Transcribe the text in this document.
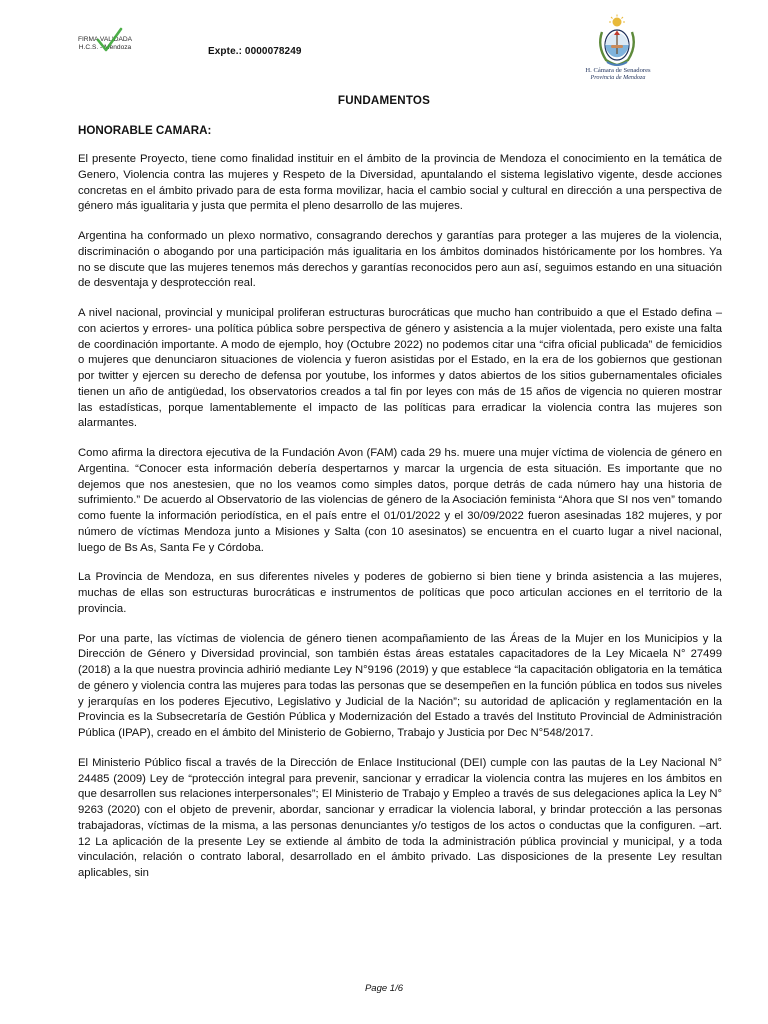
FIRMA VALIDADA
H.C.S. - Mendoza	Expte.: 0000078249
H. Cámara de Senadores
Provincia de Mendoza
FUNDAMENTOS
HONORABLE CAMARA:

El presente Proyecto, tiene como finalidad instituir en el ámbito de la provincia de Mendoza el conocimiento en la temática de Genero, Violencia contra las mujeres y Respeto de la Diversidad, apuntalando el sistema legislativo vigente, desde acciones concretas en el ámbito privado para de esta forma movilizar, hacia el cambio social y cultural en dirección a una perspectiva de género más igualitaria y justa que permita el pleno desarrollo de las mujeres.

Argentina ha conformado un plexo normativo, consagrando derechos y garantías para proteger a las mujeres de la violencia, discriminación o abogando por una participación más igualitaria en los ámbitos dominados históricamente por los hombres. Ya no se discute que las mujeres tenemos más derechos y garantías reconocidos pero aun así, seguimos estando en una situación de desventaja y desprotección real.

A nivel nacional, provincial y municipal proliferan estructuras burocráticas que mucho han contribuido a que el Estado defina –con aciertos y errores- una política pública sobre perspectiva de género y asistencia a la mujer violentada, pero existe una falta de coordinación importante. A modo de ejemplo, hoy (Octubre 2022) no podemos citar una “cifra oficial publicada” de femicidios o mujeres que denunciaron situaciones de violencia y fueron asistidas por el Estado, en la era de los gobiernos que gestionan por twitter y ejercen su derecho de defensa por youtube, los informes y datos abiertos de los sitios gubernamentales oficiales tienen un año de antigüedad, los observatorios creados a tal fin por leyes con más de 15 años de vigencia no quieren mostrar las estadísticas, porque lamentablemente el impacto de las políticas para erradicar la violencia contra las mujeres son alarmantes.

Como afirma la directora ejecutiva de la Fundación Avon (FAM) cada 29 hs. muere una mujer víctima de violencia de género en Argentina. “Conocer esta información debería despertarnos y marcar la urgencia de esta situación. Es importante que no dejemos que nos anestesien, que no los veamos como simples datos, porque detrás de cada número hay una historia de sufrimiento.” De acuerdo al Observatorio de las violencias de género de la Asociación feminista “Ahora que SI nos ven” tomando como fuente la información periodística, en el país entre el 01/01/2022 y el 30/09/2022 fueron asesinadas 182 mujeres, y por número de víctimas Mendoza junto a Misiones y Salta (con 10 asesinatos) se encuentra en el cuarto lugar a nivel nacional, luego de Bs As, Santa Fe y Córdoba.

La Provincia de Mendoza, en sus diferentes niveles y poderes de gobierno si bien tiene y brinda asistencia a las mujeres, muchas de ellas son estructuras burocráticas e instrumentos de políticas que poco articulan acciones en el territorio de la provincia.

Por una parte, las víctimas de violencia de género tienen acompañamiento de las Áreas de la Mujer en los Municipios y la Dirección de Género y Diversidad provincial, son también éstas áreas estatales capacitadores de la Ley Micaela N° 27499 (2018) a la que nuestra provincia adhirió mediante Ley N°9196 (2019) y que establece “la capacitación obligatoria en la temática de género y violencia contra las mujeres para todas las personas que se desempeñen en la función pública en todos sus niveles y jerarquías en los poderes Ejecutivo, Legislativo y Judicial de la Nación”; su autoridad de aplicación y reglamentación en la Provincia es la Subsecretaría de Gestión Pública y Modernización del Estado a través del Instituto Provincial de Administración Pública (IPAP), creado en el ámbito del Ministerio de Gobierno, Trabajo y Justicia por Dec N°548/2017.

El Ministerio Público fiscal a través de la Dirección de Enlace Institucional (DEI) cumple con las pautas de la Ley Nacional N° 24485 (2009) Ley de “protección integral para prevenir, sancionar y erradicar la violencia contra las mujeres en los ámbitos en que desarrollen sus relaciones interpersonales”; El Ministerio de Trabajo y Empleo a través de sus delegaciones aplica la Ley N° 9263 (2020) con el objeto de prevenir, abordar, sancionar y erradicar la violencia laboral, y brindar protección a las personas trabajadoras, víctimas de la misma, a las personas denunciantes y/o testigos de los actos o conductas que la configuren. –art. 12 La aplicación de la presente Ley se extiende al ámbito de toda la administración pública provincial y municipal, y a toda vinculación, relación o contrato laboral, desarrollado en el ámbito privado. Las disposiciones de la presente Ley resultan aplicables, sin

Page 1/6
